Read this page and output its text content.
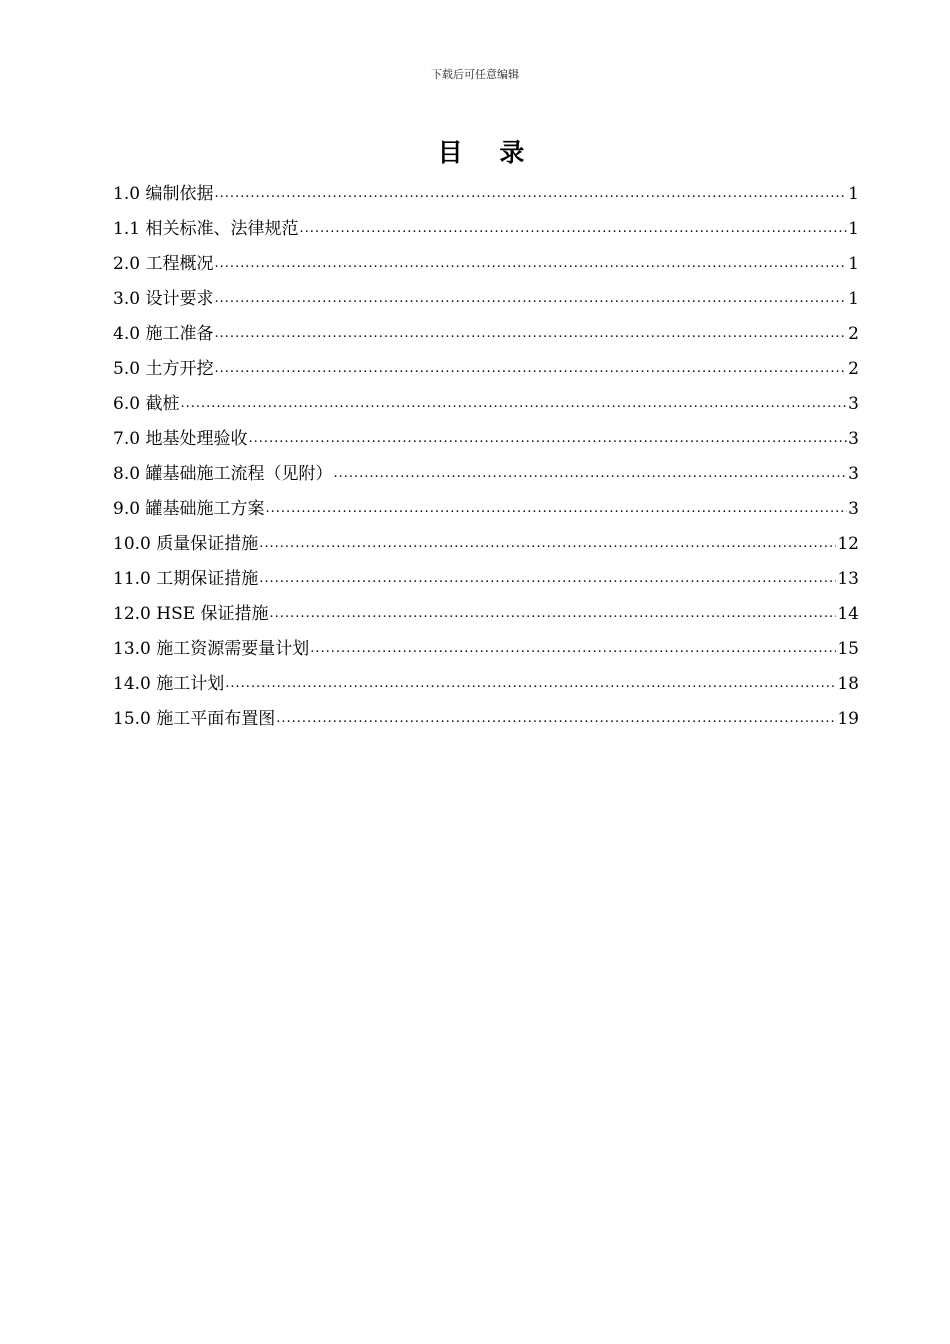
下载后可任意编辑
目 录
1.0 编制依据 .....	1
1.1 相关标准、法律规范 .....	1
2.0 工程概况 .....	1
3.0 设计要求 .....	1
4.0 施工准备 .....	2
5.0 土方开挖 .....	2
6.0 截桩 .....	3
7.0 地基处理验收 .....	3
8.0 罐基础施工流程（见附） .....	3
9.0 罐基础施工方案 .....	3
10.0 质量保证措施 .....	12
11.0 工期保证措施 .....	13
12.0 HSE 保证措施 .....	14
13.0 施工资源需要量计划 .....	15
14.0 施工计划 .....	18
15.0 施工平面布置图 .....	19
